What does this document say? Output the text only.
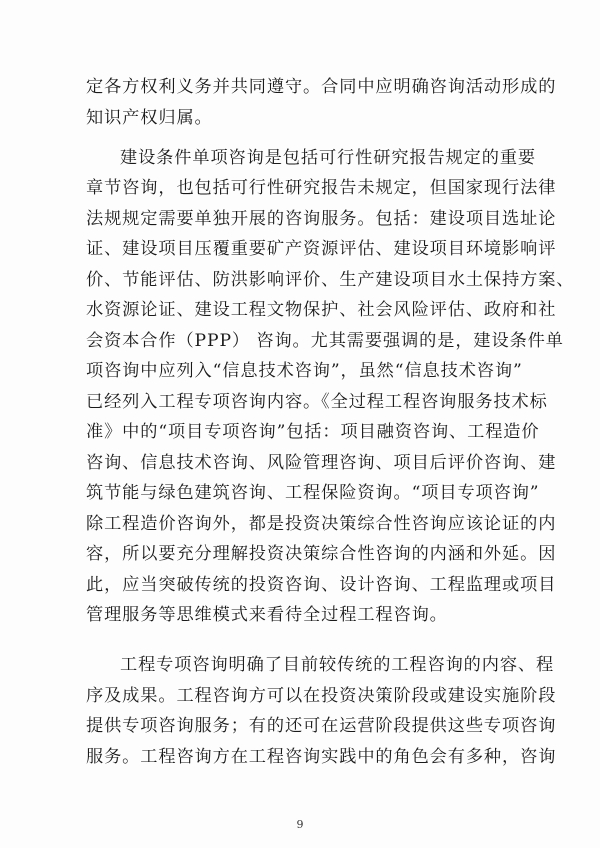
定各方权利义务并共同遵守。合同中应明确咨询活动形成的
知识产权归属。
建设条件单项咨询是包括可行性研究报告规定的重要
章节咨询，也包括可行性研究报告未规定，但国家现行法律
法规规定需要单独开展的咨询服务。包括：建设项目选址论
证、建设项目压覆重要矿产资源评估、建设项目环境影响评
价、节能评估、防洪影响评价、生产建设项目水土保持方案、
水资源论证、建设工程文物保护、社会风险评估、政府和社
会资本合作（PPP） 咨询。尤其需要强调的是，建设条件单
项咨询中应列入“信息技术咨询”，虽然“信息技术咨询”
已经列入工程专项咨询内容。《全过程工程咨询服务技术标
准》中的“项目专项咨询”包括：项目融资咨询、工程造价
咨询、信息技术咨询、风险管理咨询、项目后评价咨询、建
筑节能与绿色建筑咨询、工程保险资询。“项目专项咨询”
除工程造价咨询外，都是投资决策综合性咨询应该论证的内
容，所以要充分理解投资决策综合性咨询的内涵和外延。因
此，应当突破传统的投资咨询、设计咨询、工程监理或项目
管理服务等思维模式来看待全过程工程咨询。
工程专项咨询明确了目前较传统的工程咨询的内容、程
序及成果。工程咨询方可以在投资决策阶段或建设实施阶段
提供专项咨询服务；有的还可在运营阶段提供这些专项咨询
服务。工程咨询方在工程咨询实践中的角色会有多种，咨询
9
